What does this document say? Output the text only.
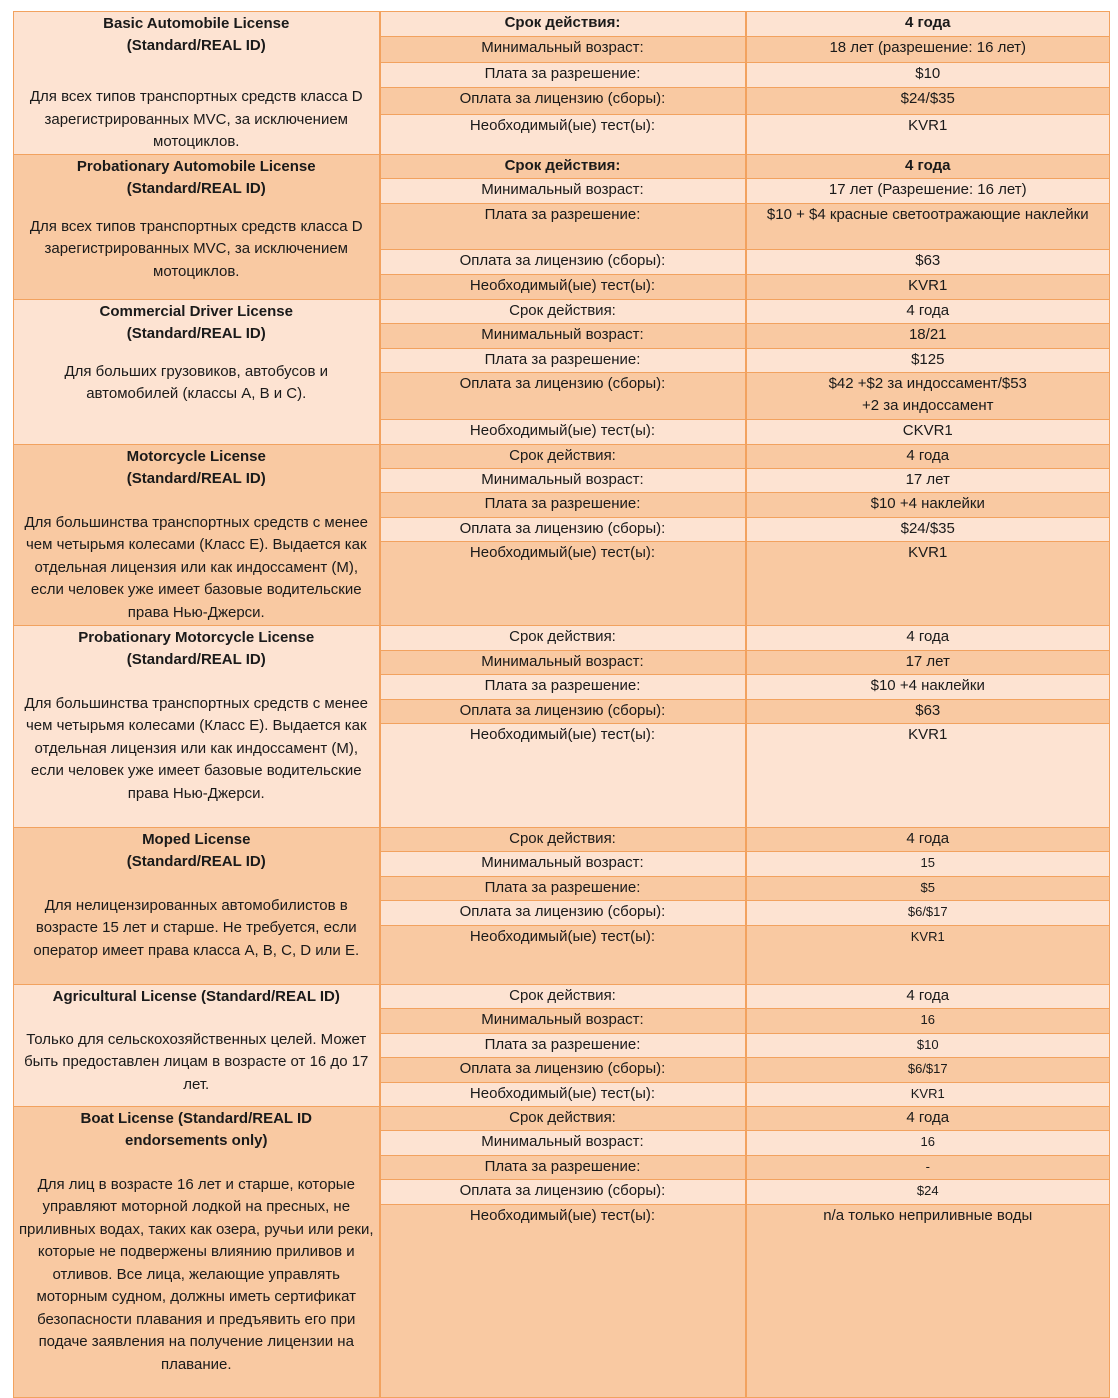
Basic Automobile License
(Standard/REAL ID)
Для всех типов транспортных средств класса D зарегистрированных MVC, за исключением мотоциклов.	Срок действия:	4 года
	Минимальный возраст:	18 лет (разрешение: 16 лет)
	Плата за разрешение:	$10
	Оплата за лицензию (сборы):	$24/$35
	Необходимый(ые) тест(ы):	KVR1

Probationary Automobile License
(Standard/REAL ID)
Для всех типов транспортных средств класса D зарегистрированных MVC, за исключением мотоциклов.	Срок действия:	4 года
	Минимальный возраст:	17 лет (Разрешение: 16 лет)
	Плата за разрешение:	$10 + $4 красные светоотражающие наклейки
	Оплата за лицензию (сборы):	$63
	Необходимый(ые) тест(ы):	KVR1

Commercial Driver License
(Standard/REAL ID)
Для больших грузовиков, автобусов и автомобилей (классы A, B и C).	Срок действия:	4 года
	Минимальный возраст:	18/21
	Плата за разрешение:	$125
	Оплата за лицензию (сборы):	$42 +$2 за индоссамент/$53
+2 за индоссамент
	Необходимый(ые) тест(ы):	CKVR1

Motorcycle License
(Standard/REAL ID)
Для большинства транспортных средств с менее чем четырьмя колесами (Класс E). Выдается как отдельная лицензия или как индоссамент (M), если человек уже имеет базовые водительские права Нью-Джерси.	Срок действия:	4 года
	Минимальный возраст:	17 лет
	Плата за разрешение:	$10 +4 наклейки
	Оплата за лицензию (сборы):	$24/$35
	Необходимый(ые) тест(ы):	KVR1

Probationary Motorcycle License
(Standard/REAL ID)
Для большинства транспортных средств с менее чем четырьмя колесами (Класс E). Выдается как отдельная лицензия или как индоссамент (M), если человек уже имеет базовые водительские права Нью-Джерси.	Срок действия:	4 года
	Минимальный возраст:	17 лет
	Плата за разрешение:	$10 +4 наклейки
	Оплата за лицензию (сборы):	$63
	Необходимый(ые) тест(ы):	KVR1

Moped License
(Standard/REAL ID)
Для нелицензированных автомобилистов в возрасте 15 лет и старше. Не требуется, если оператор имеет права класса A, B, C, D или E.	Срок действия:	4 года
	Минимальный возраст:	15
	Плата за разрешение:	$5
	Оплата за лицензию (сборы):	$6/$17
	Необходимый(ые) тест(ы):	KVR1

Agricultural License (Standard/REAL ID)
Только для сельскохозяйственных целей. Может быть предоставлен лицам в возрасте от 16 до 17 лет.	Срок действия:	4 года
	Минимальный возраст:	16
	Плата за разрешение:	$10
	Оплата за лицензию (сборы):	$6/$17
	Необходимый(ые) тест(ы):	KVR1

Boat License (Standard/REAL ID
endorsements only)
Для лиц в возрасте 16 лет и старше, которые управляют моторной лодкой на пресных, не приливных водах, таких как озера, ручьи или реки, которые не подвержены влиянию приливов и отливов. Все лица, желающие управлять моторным судном, должны иметь сертификат безопасности плавания и предъявить его при подаче заявления на получение лицензии на плавание.	Срок действия:	4 года
	Минимальный возраст:	16
	Плата за разрешение:	-
	Оплата за лицензию (сборы):	$24
	Необходимый(ые) тест(ы):	n/a только неприливные воды
